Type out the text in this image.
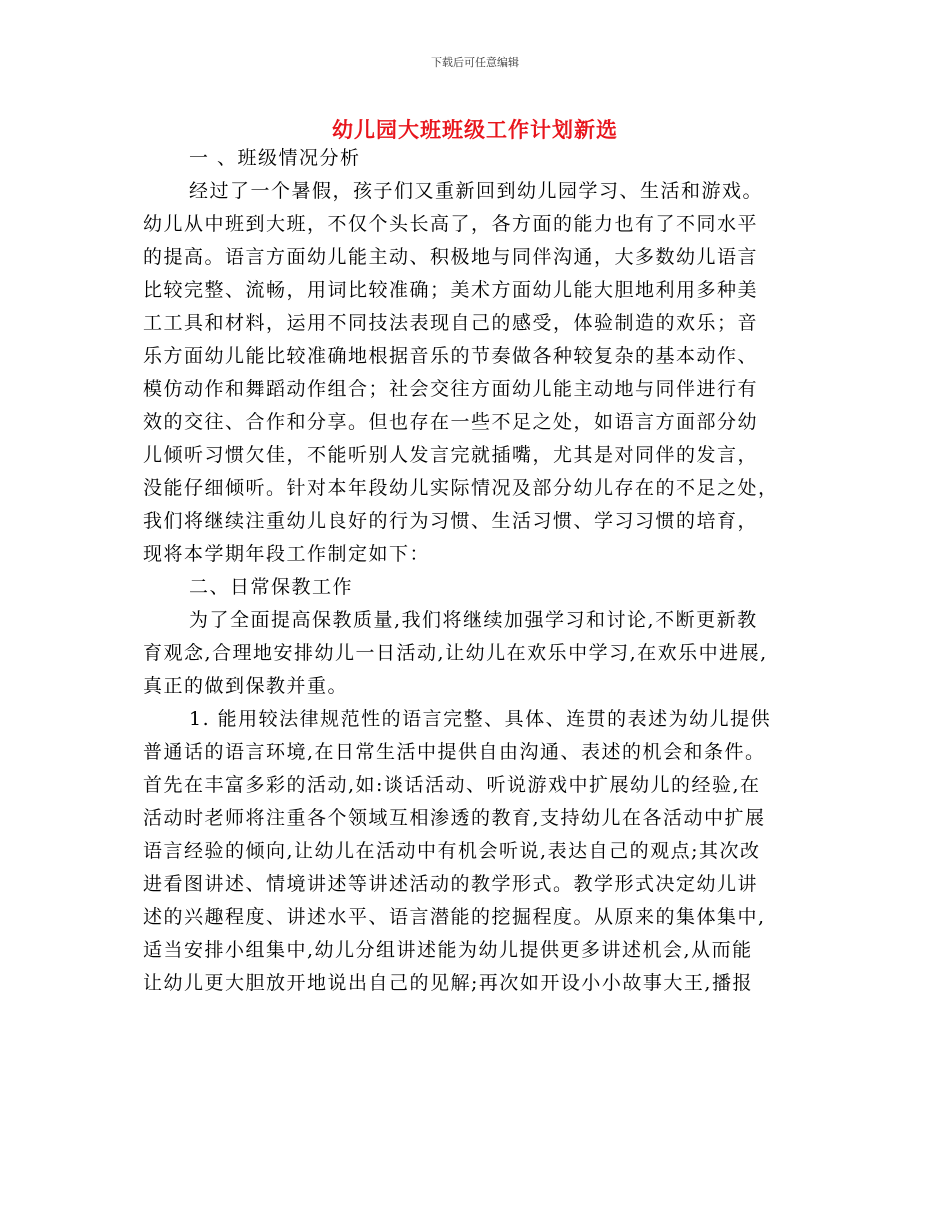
下载后可任意编辑
幼儿园大班班级工作计划新选
一 、班级情况分析
经过了一个暑假，孩子们又重新回到幼儿园学习、生活和游戏。
幼儿从中班到大班，不仅个头长高了，各方面的能力也有了不同水平
的提高。语言方面幼儿能主动、积极地与同伴沟通，大多数幼儿语言
比较完整、流畅，用词比较准确；美术方面幼儿能大胆地利用多种美
工工具和材料，运用不同技法表现自己的感受，体验制造的欢乐；音
乐方面幼儿能比较准确地根据音乐的节奏做各种较复杂的基本动作、
模仿动作和舞蹈动作组合；社会交往方面幼儿能主动地与同伴进行有
效的交往、合作和分享。但也存在一些不足之处，如语言方面部分幼
儿倾听习惯欠佳，不能听别人发言完就插嘴，尤其是对同伴的发言，
没能仔细倾听。针对本年段幼儿实际情况及部分幼儿存在的不足之处，
我们将继续注重幼儿良好的行为习惯、生活习惯、学习习惯的培育，
现将本学期年段工作制定如下：
二、日常保教工作
为了全面提高保教质量,我们将继续加强学习和讨论,不断更新教
育观念,合理地安排幼儿一日活动,让幼儿在欢乐中学习,在欢乐中进展,
真正的做到保教并重。
1. 能用较法律规范性的语言完整、具体、连贯的表述为幼儿提供
普通话的语言环境,在日常生活中提供自由沟通、表述的机会和条件。
首先在丰富多彩的活动,如:谈话活动、听说游戏中扩展幼儿的经验,在
活动时老师将注重各个领域互相渗透的教育,支持幼儿在各活动中扩展
语言经验的倾向,让幼儿在活动中有机会听说,表达自己的观点;其次改
进看图讲述、情境讲述等讲述活动的教学形式。教学形式决定幼儿讲
述的兴趣程度、讲述水平、语言潜能的挖掘程度。从原来的集体集中,
适当安排小组集中,幼儿分组讲述能为幼儿提供更多讲述机会,从而能
让幼儿更大胆放开地说出自己的见解;再次如开设小小故事大王,播报
